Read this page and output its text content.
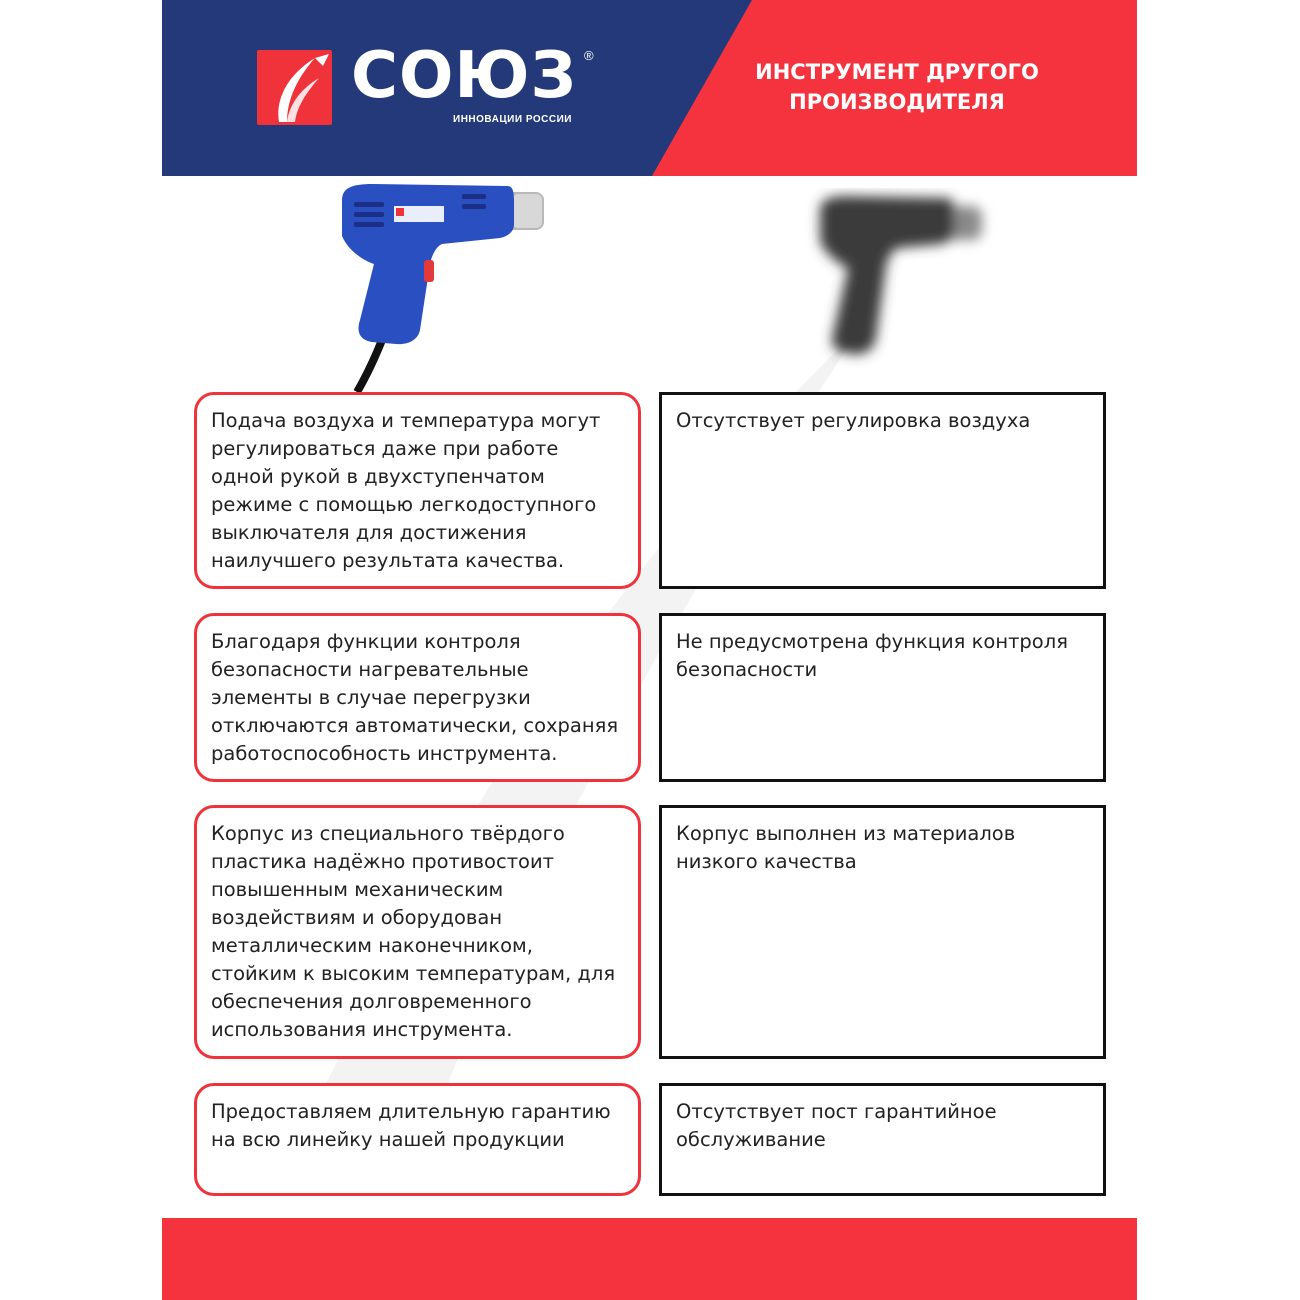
СОЮЗ ®
ИННОВАЦИИ РОССИИ
ИНСТРУМЕНТ ДРУГОГО ПРОИЗВОДИТЕЛЯ
Подача воздуха и температура могут регулироваться даже при работе одной рукой в двухступенчатом режиме с помощью легкодоступного выключателя для достижения наилучшего результата качества.
Отсутствует регулировка воздуха
Благодаря функции контроля безопасности нагревательные элементы в случае перегрузки отключаются автоматически, сохраняя работоспособность инструмента.
Не предусмотрена функция контроля безопасности
Корпус из специального твёрдого пластика надёжно противостоит повышенным механическим воздействиям и оборудован металлическим наконечником, стойким к высоким температурам, для обеспечения долговременного использования инструмента.
Корпус выполнен из материалов низкого качества
Предоставляем длительную гарантию на всю линейку нашей продукции
Отсутствует пост гарантийное обслуживание
